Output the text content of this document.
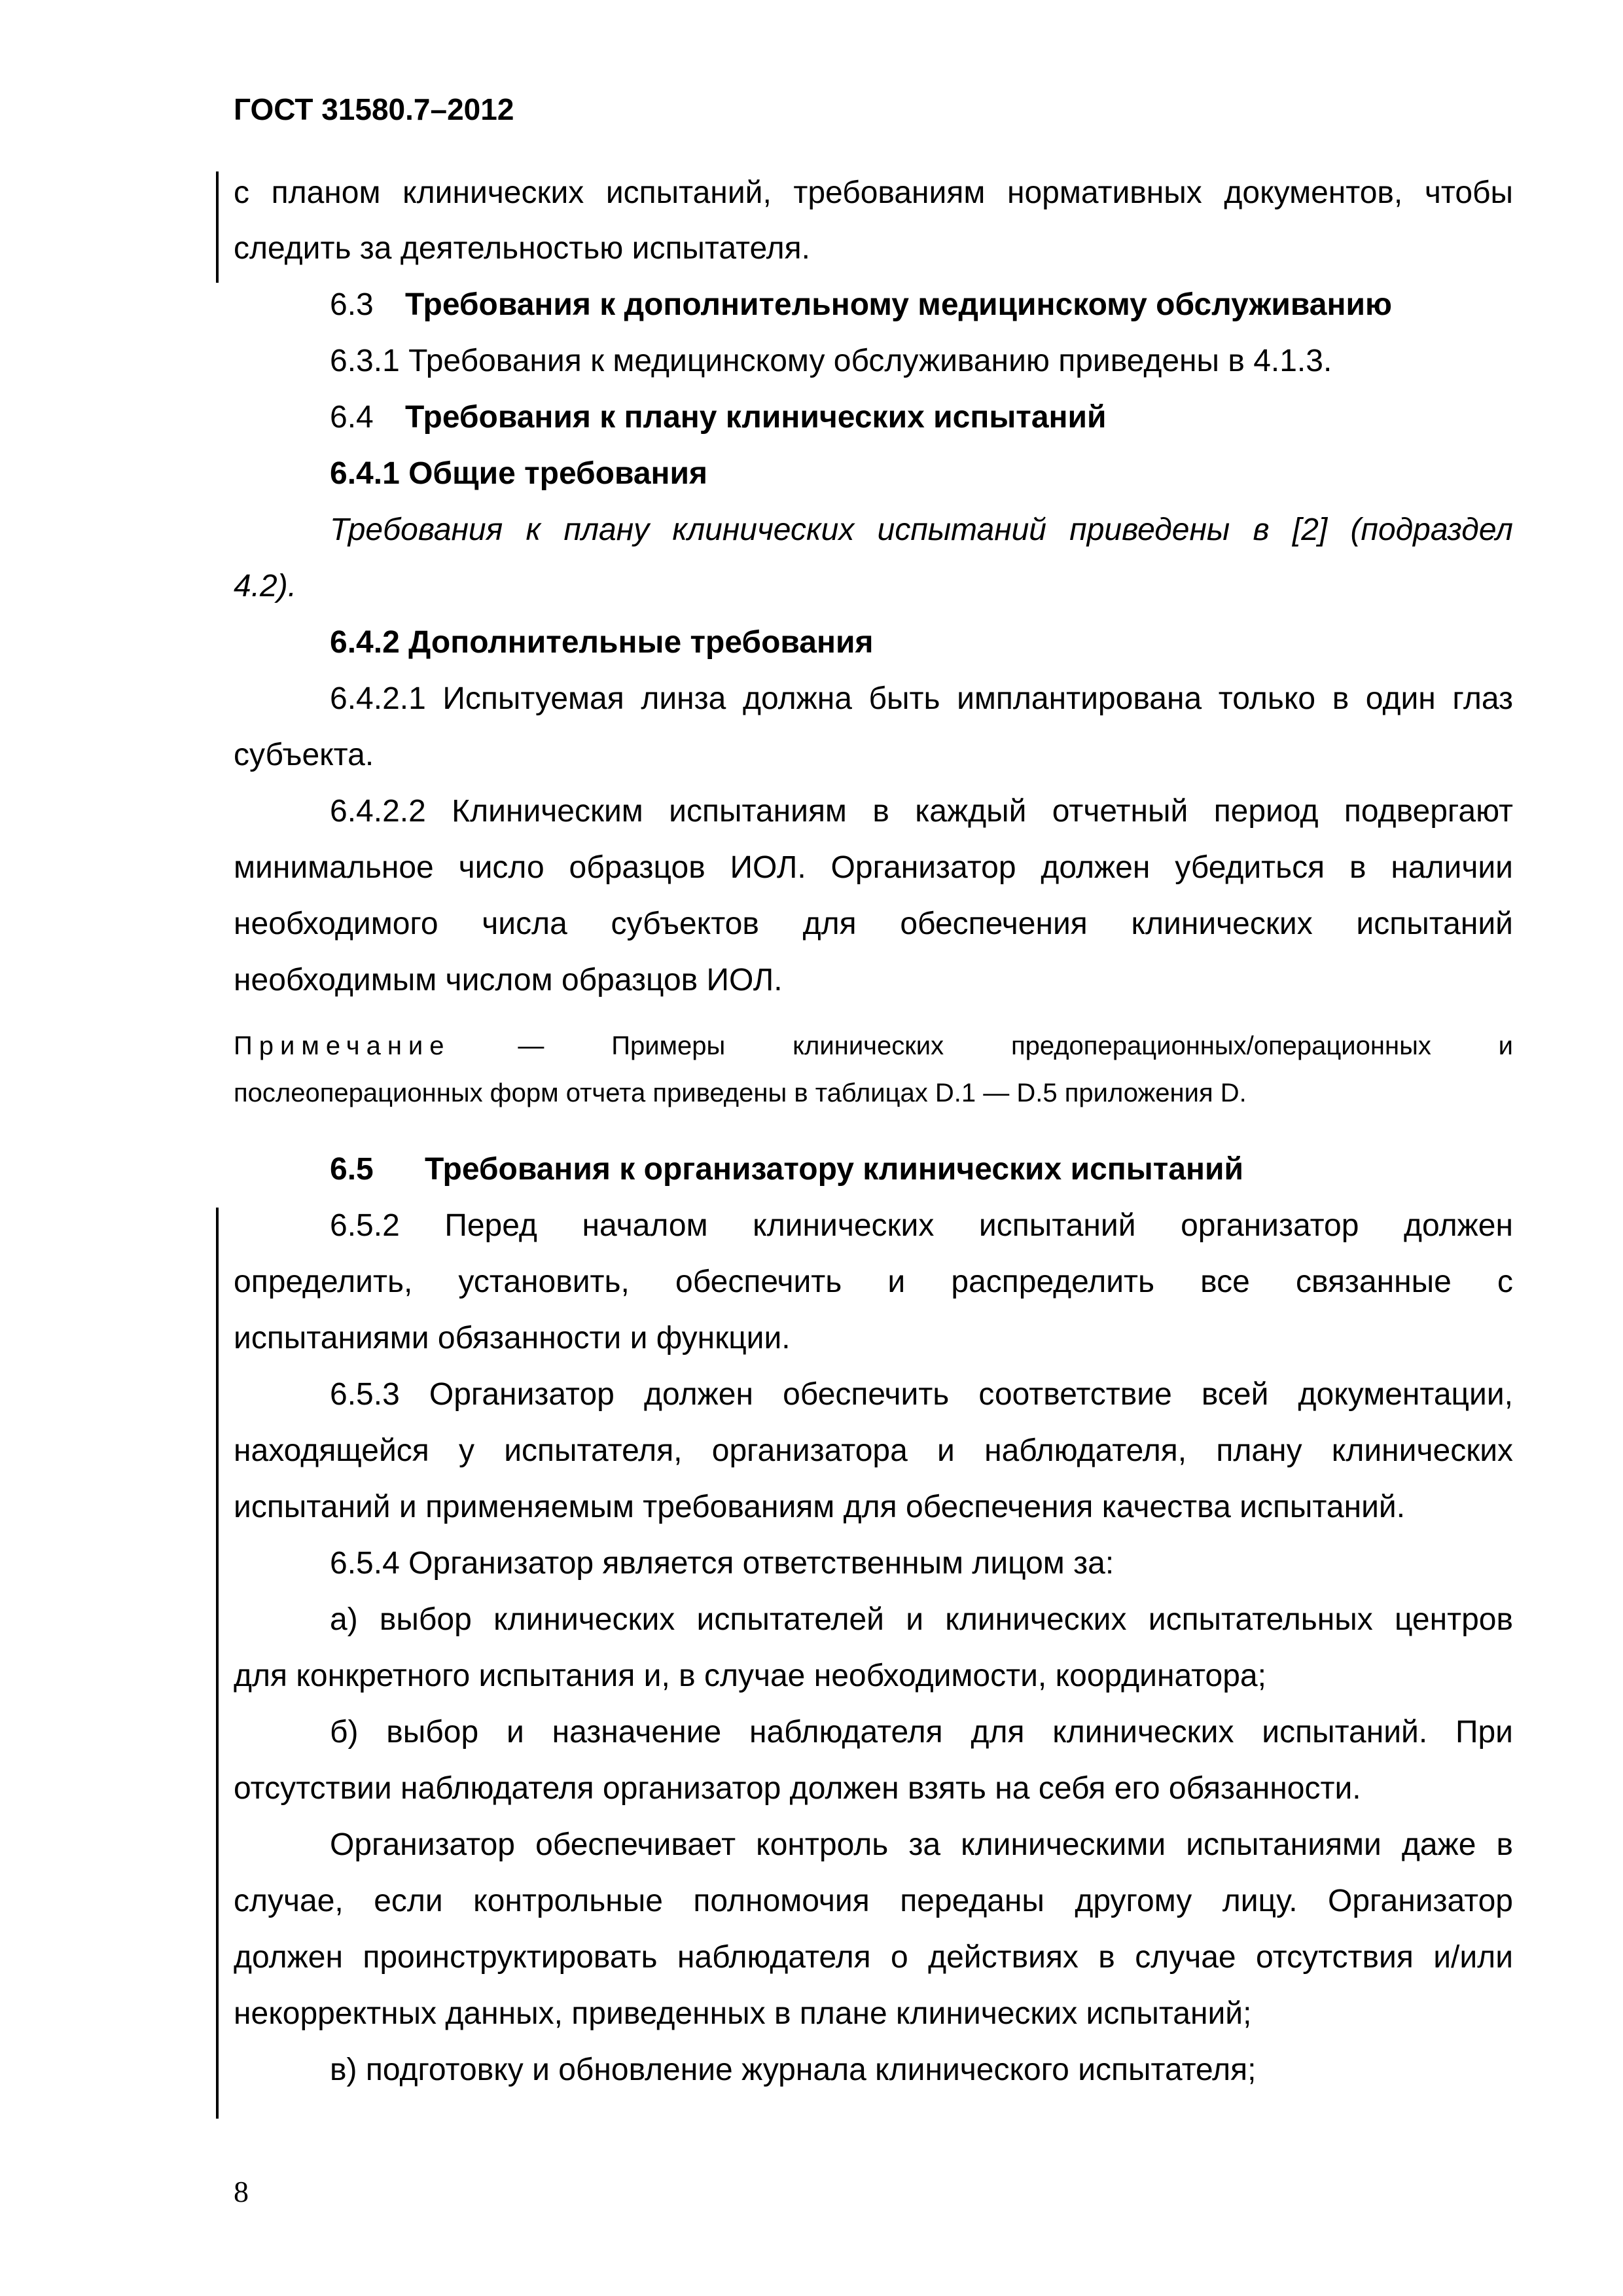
ГОСТ 31580.7–2012
с планом клинических испытаний, требованиям нормативных документов, чтобы
следить за деятельностью испытателя.
6.3 Требования к дополнительному медицинскому обслуживанию
6.3.1 Требования к медицинскому обслуживанию приведены в 4.1.3.
6.4 Требования к плану клинических испытаний
6.4.1 Общие требования
Требования к плану клинических испытаний приведены в [2] (подраздел
4.2).
6.4.2 Дополнительные требования
6.4.2.1 Испытуемая линза должна быть имплантирована только в один глаз
субъекта.
6.4.2.2 Клиническим испытаниям в каждый отчетный период подвергают
минимальное число образцов ИОЛ. Организатор должен убедиться в наличии
необходимого числа субъектов для обеспечения клинических испытаний
необходимым числом образцов ИОЛ.
Примечание — Примеры клинических предоперационных/операционных и
послеоперационных форм отчета приведены в таблицах D.1 — D.5 приложения D.
6.5 Требования к организатору клинических испытаний
6.5.2 Перед началом клинических испытаний организатор должен
определить, установить, обеспечить и распределить все связанные с
испытаниями обязанности и функции.
6.5.3 Организатор должен обеспечить соответствие всей документации,
находящейся у испытателя, организатора и наблюдателя, плану клинических
испытаний и применяемым требованиям для обеспечения качества испытаний.
6.5.4 Организатор является ответственным лицом за:
а) выбор клинических испытателей и клинических испытательных центров
для конкретного испытания и, в случае необходимости, координатора;
б) выбор и назначение наблюдателя для клинических испытаний. При
отсутствии наблюдателя организатор должен взять на себя его обязанности.
Организатор обеспечивает контроль за клиническими испытаниями даже в
случае, если контрольные полномочия переданы другому лицу. Организатор
должен проинструктировать наблюдателя о действиях в случае отсутствия и/или
некорректных данных, приведенных в плане клинических испытаний;
в) подготовку и обновление журнала клинического испытателя;
8
